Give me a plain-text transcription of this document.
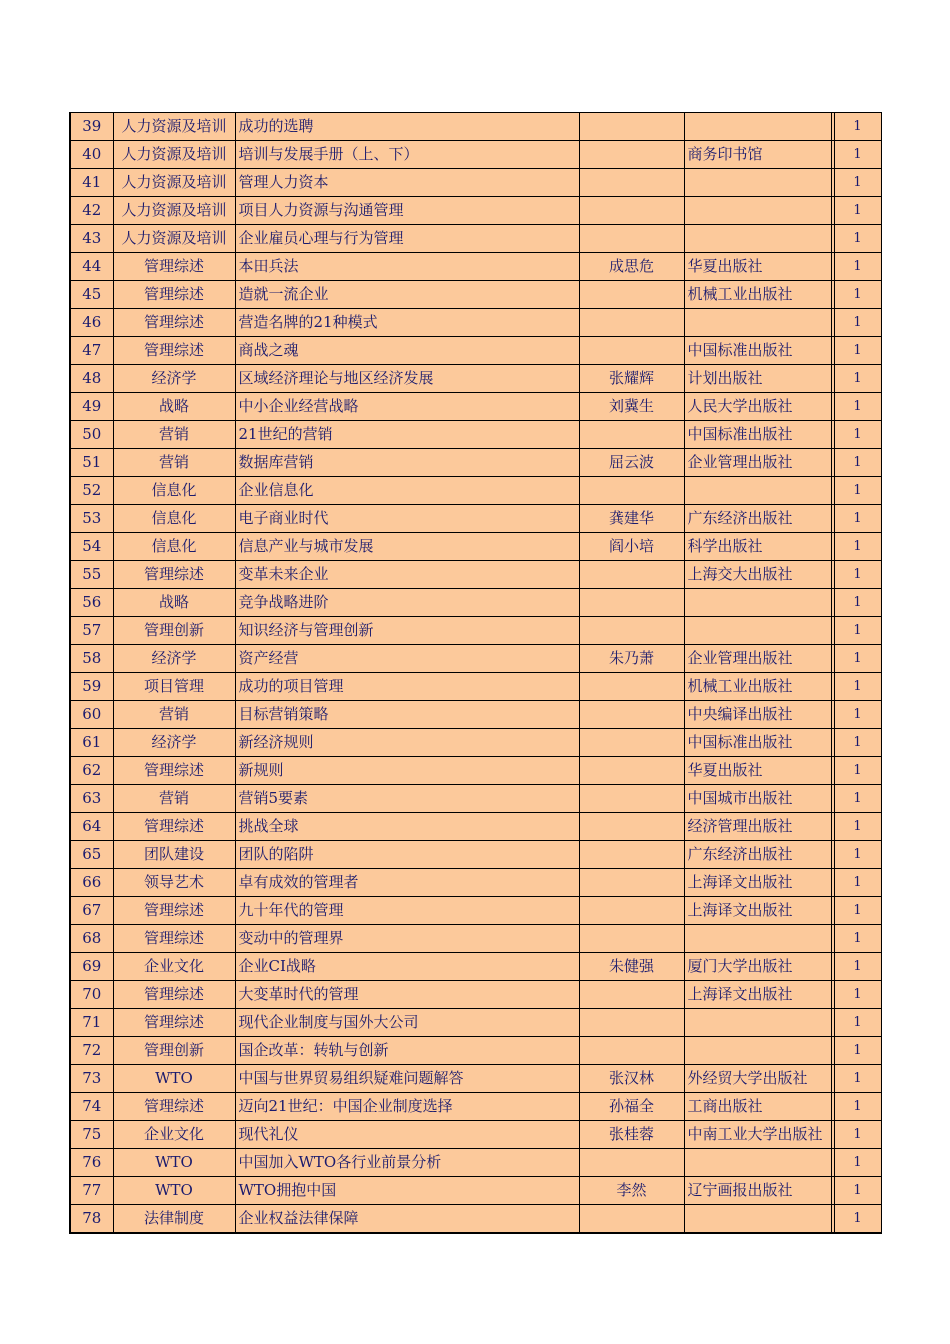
39	人力资源及培训	成功的选聘				1
40	人力资源及培训	培训与发展手册（上、下）		商务印书馆		1
41	人力资源及培训	管理人力资本				1
42	人力资源及培训	项目人力资源与沟通管理				1
43	人力资源及培训	企业雇员心理与行为管理				1
44	管理综述	本田兵法	成思危	华夏出版社		1
45	管理综述	造就一流企业		机械工业出版社		1
46	管理综述	营造名牌的21种模式				1
47	管理综述	商战之魂		中国标准出版社		1
48	经济学	区域经济理论与地区经济发展	张耀辉	计划出版社		1
49	战略	中小企业经营战略	刘冀生	人民大学出版社		1
50	营销	21世纪的营销		中国标准出版社		1
51	营销	数据库营销	屈云波	企业管理出版社		1
52	信息化	企业信息化				1
53	信息化	电子商业时代	龚建华	广东经济出版社		1
54	信息化	信息产业与城市发展	阎小培	科学出版社		1
55	管理综述	变革未来企业		上海交大出版社		1
56	战略	竞争战略进阶				1
57	管理创新	知识经济与管理创新				1
58	经济学	资产经营	朱乃萧	企业管理出版社		1
59	项目管理	成功的项目管理		机械工业出版社		1
60	营销	目标营销策略		中央编译出版社		1
61	经济学	新经济规则		中国标准出版社		1
62	管理综述	新规则		华夏出版社		1
63	营销	营销5要素		中国城市出版社		1
64	管理综述	挑战全球		经济管理出版社		1
65	团队建设	团队的陷阱		广东经济出版社		1
66	领导艺术	卓有成效的管理者		上海译文出版社		1
67	管理综述	九十年代的管理		上海译文出版社		1
68	管理综述	变动中的管理界				1
69	企业文化	企业CI战略	朱健强	厦门大学出版社		1
70	管理综述	大变革时代的管理		上海译文出版社		1
71	管理综述	现代企业制度与国外大公司				1
72	管理创新	国企改革：转轨与创新				1
73	WTO	中国与世界贸易组织疑难问题解答	张汉林	外经贸大学出版社		1
74	管理综述	迈向21世纪：中国企业制度选择	孙福全	工商出版社		1
75	企业文化	现代礼仪	张桂蓉	中南工业大学出版社		1
76	WTO	中国加入WTO各行业前景分析				1
77	WTO	WTO拥抱中国	李然	辽宁画报出版社		1
78	法律制度	企业权益法律保障				1
